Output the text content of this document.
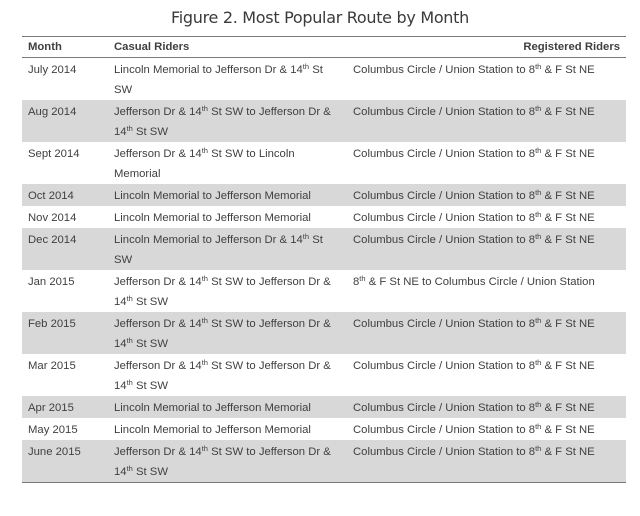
Figure 2. Most Popular Route by Month
Month	Casual Riders	Registered Riders
July 2014	Lincoln Memorial to Jefferson Dr & 14th St SW	Columbus Circle / Union Station to 8th & F St NE
Aug 2014	Jefferson Dr & 14th St SW to Jefferson Dr & 14th St SW	Columbus Circle / Union Station to 8th & F St NE
Sept 2014	Jefferson Dr & 14th St SW to Lincoln Memorial	Columbus Circle / Union Station to 8th & F St NE
Oct 2014	Lincoln Memorial to Jefferson Memorial	Columbus Circle / Union Station to 8th & F St NE
Nov 2014	Lincoln Memorial to Jefferson Memorial	Columbus Circle / Union Station to 8th & F St NE
Dec 2014	Lincoln Memorial to Jefferson Dr & 14th St SW	Columbus Circle / Union Station to 8th & F St NE
Jan 2015	Jefferson Dr & 14th St SW to Jefferson Dr & 14th St SW	8th & F St NE to Columbus Circle / Union Station
Feb 2015	Jefferson Dr & 14th St SW to Jefferson Dr & 14th St SW	Columbus Circle / Union Station to 8th & F St NE
Mar 2015	Jefferson Dr & 14th St SW to Jefferson Dr & 14th St SW	Columbus Circle / Union Station to 8th & F St NE
Apr 2015	Lincoln Memorial to Jefferson Memorial	Columbus Circle / Union Station to 8th & F St NE
May 2015	Lincoln Memorial to Jefferson Memorial	Columbus Circle / Union Station to 8th & F St NE
June 2015	Jefferson Dr & 14th St SW to Jefferson Dr & 14th St SW	Columbus Circle / Union Station to 8th & F St NE
